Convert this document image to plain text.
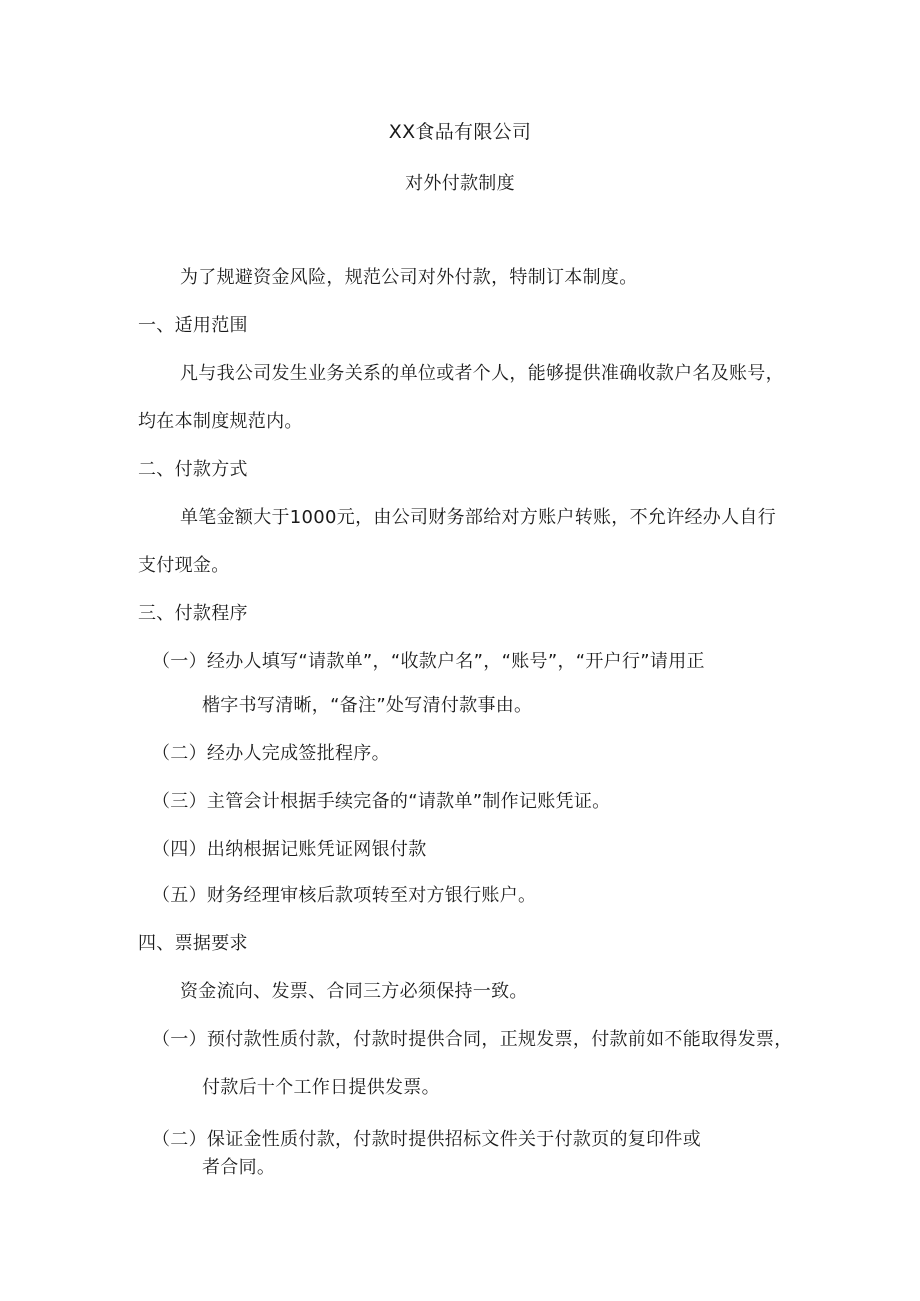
XX食品有限公司
对外付款制度
为了规避资金风险，规范公司对外付款，特制订本制度。
一、适用范围
凡与我公司发生业务关系的单位或者个人，能够提供准确收款户名及账号，
均在本制度规范内。
二、付款方式
单笔金额大于1000元，由公司财务部给对方账户转账，不允许经办人自行
支付现金。
三、付款程序
（一）经办人填写“请款单”，“收款户名”，“账号”，“开户行”请用正
楷字书写清晰，“备注”处写清付款事由。
（二）经办人完成签批程序。
（三）主管会计根据手续完备的“请款单”制作记账凭证。
（四）出纳根据记账凭证网银付款
（五）财务经理审核后款项转至对方银行账户。
四、票据要求
资金流向、发票、合同三方必须保持一致。
（一）预付款性质付款，付款时提供合同，正规发票，付款前如不能取得发票，
付款后十个工作日提供发票。
（二）保证金性质付款，付款时提供招标文件关于付款页的复印件或
者合同。
